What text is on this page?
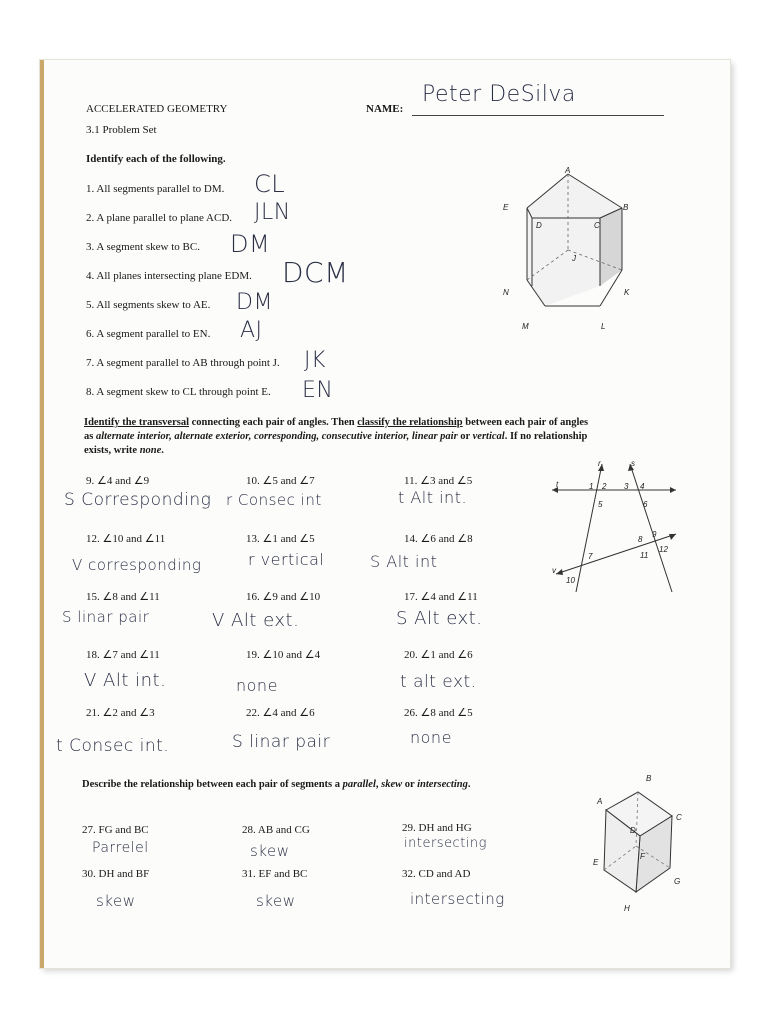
ACCELERATED GEOMETRY
3.1 Problem Set
NAME:
Peter DeSilva
Identify each of the following.
1. All segments parallel to DM. CL
2. A plane parallel to plane ACD. JLN
3. A segment skew to BC. DM
4. All planes intersecting plane EDM. DCM
5. All segments skew to AE. DM
6. A segment parallel to EN. AJ
7. A segment parallel to AB through point J. JK
8. A segment skew to CL through point E. EN
A
E	B
D	C
J
N	K
M	L
Identify the transversal connecting each pair of angles. Then classify the relationship between each pair of angles
as alternate interior, alternate exterior, corresponding, consecutive interior, linear pair or vertical. If no relationship
exists, write none.
9. ∠4 and ∠9
S Corresponding
10. ∠5 and ∠7
r Consec int
11. ∠3 and ∠5
t Alt int.
12. ∠10 and ∠11
V corresponding
13. ∠1 and ∠5
r vertical
14. ∠6 and ∠8
S Alt int
15. ∠8 and ∠11
S linar pair
16. ∠9 and ∠10
V Alt ext.
17. ∠4 and ∠11
S Alt ext.
18. ∠7 and ∠11
V Alt int.
19. ∠10 and ∠4
none
20. ∠1 and ∠6
t alt ext.
21. ∠2 and ∠3
t Consec int.
22. ∠4 and ∠6
S linar pair
26. ∠8 and ∠5
none
r	s
t	1 2 3 4
5	6
8
9
12
11
7
v
10
Describe the relationship between each pair of segments a parallel, skew or intersecting.
27. FG and BC
Parrelel
28. AB and CG
skew
29. DH and HG
intersecting
30. DH and BF
skew
31. EF and BC
skew
32. CD and AD
intersecting
B
A
C
D
F
E
G
H
